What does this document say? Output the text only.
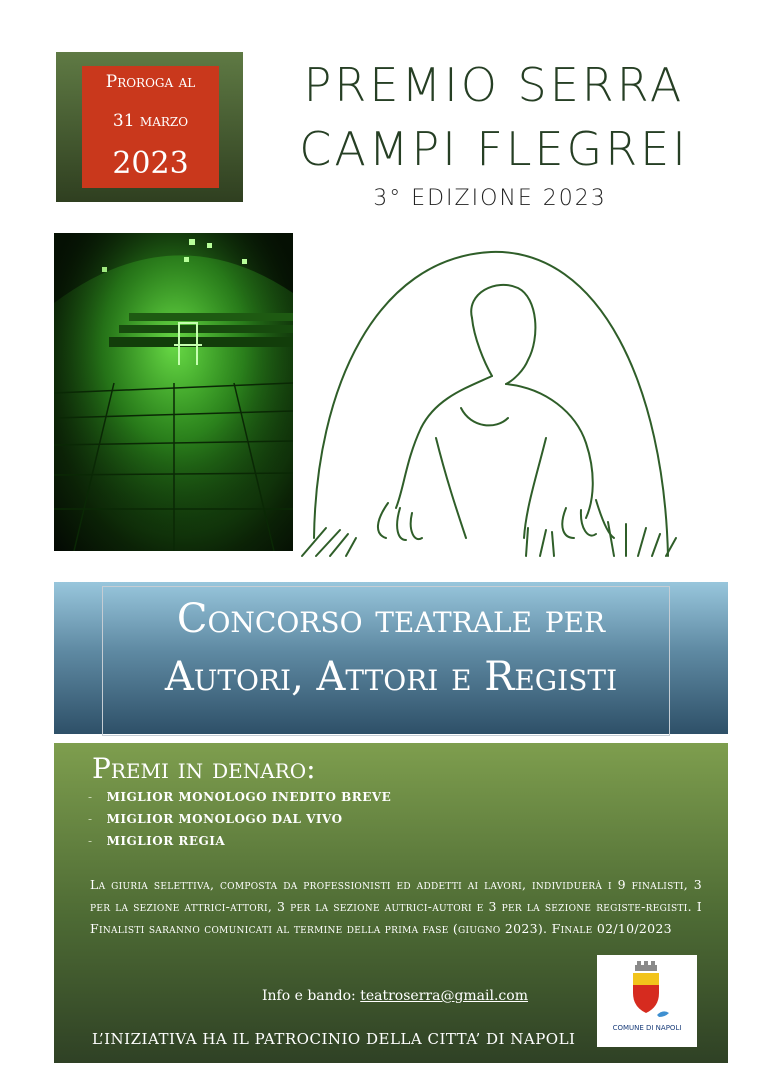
Proroga al
31 marzo
2023
PREMIO SERRA
CAMPI FLEGREI
3° EDIZIONE 2023
Concorso teatrale per
Autori, Attori e Registi
Premi in denaro:
- MIGLIOR MONOLOGO INEDITO BREVE
- MIGLIOR MONOLOGO DAL VIVO
- MIGLIOR REGIA
La giuria selettiva, composta da professionisti ed addetti ai lavori, individuerà i 9 finalisti, 3 per la sezione attrici-attori, 3 per la sezione autrici-autori e 3 per la sezione registe-registi. I Finalisti saranno comunicati al termine della prima fase (giugno 2023). Finale 02/10/2023
Info e bando: teatroserra@gmail.com
L’INIZIATIVA HA IL PATROCINIO DELLA CITTA’ DI NAPOLI
COMUNE DI NAPOLI
